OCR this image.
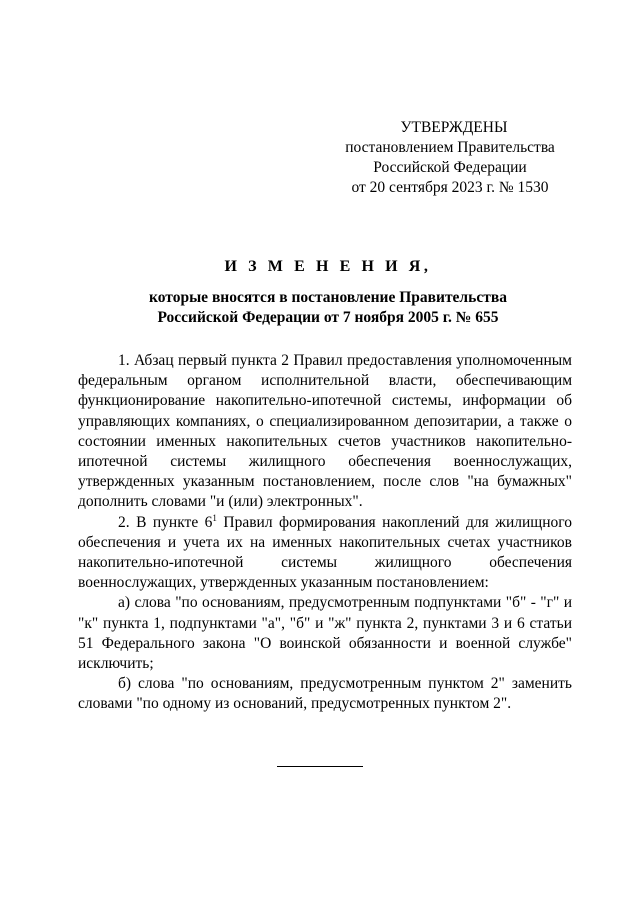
УТВЕРЖДЕНЫ
постановлением Правительства
Российской Федерации
от 20 сентября 2023 г. № 1530
И З М Е Н Е Н И Я,
которые вносятся в постановление Правительства
Российской Федерации от 7 ноября 2005 г. № 655

1. Абзац первый пункта 2 Правил предоставления уполномоченным федеральным органом исполнительной власти, обеспечивающим функционирование накопительно-ипотечной системы, информации об управляющих компаниях, о специализированном депозитарии, а также о состоянии именных накопительных счетов участников накопительно-ипотечной системы жилищного обеспечения военнослужащих, утвержденных указанным постановлением, после слов "на бумажных" дополнить словами "и (или) электронных".

2. В пункте $6^1$ Правил формирования накоплений для жилищного обеспечения и учета их на именных накопительных счетах участников накопительно-ипотечной системы жилищного обеспечения военнослужащих, утвержденных указанным постановлением:

а) слова "по основаниям, предусмотренным подпунктами "б" - "г" и "к" пункта 1, подпунктами "а", "б" и "ж" пункта 2, пунктами 3 и 6 статьи 51 Федерального закона "О воинской обязанности и военной службе" исключить;

б) слова "по основаниям, предусмотренным пунктом 2" заменить словами "по одному из оснований, предусмотренных пунктом 2".
